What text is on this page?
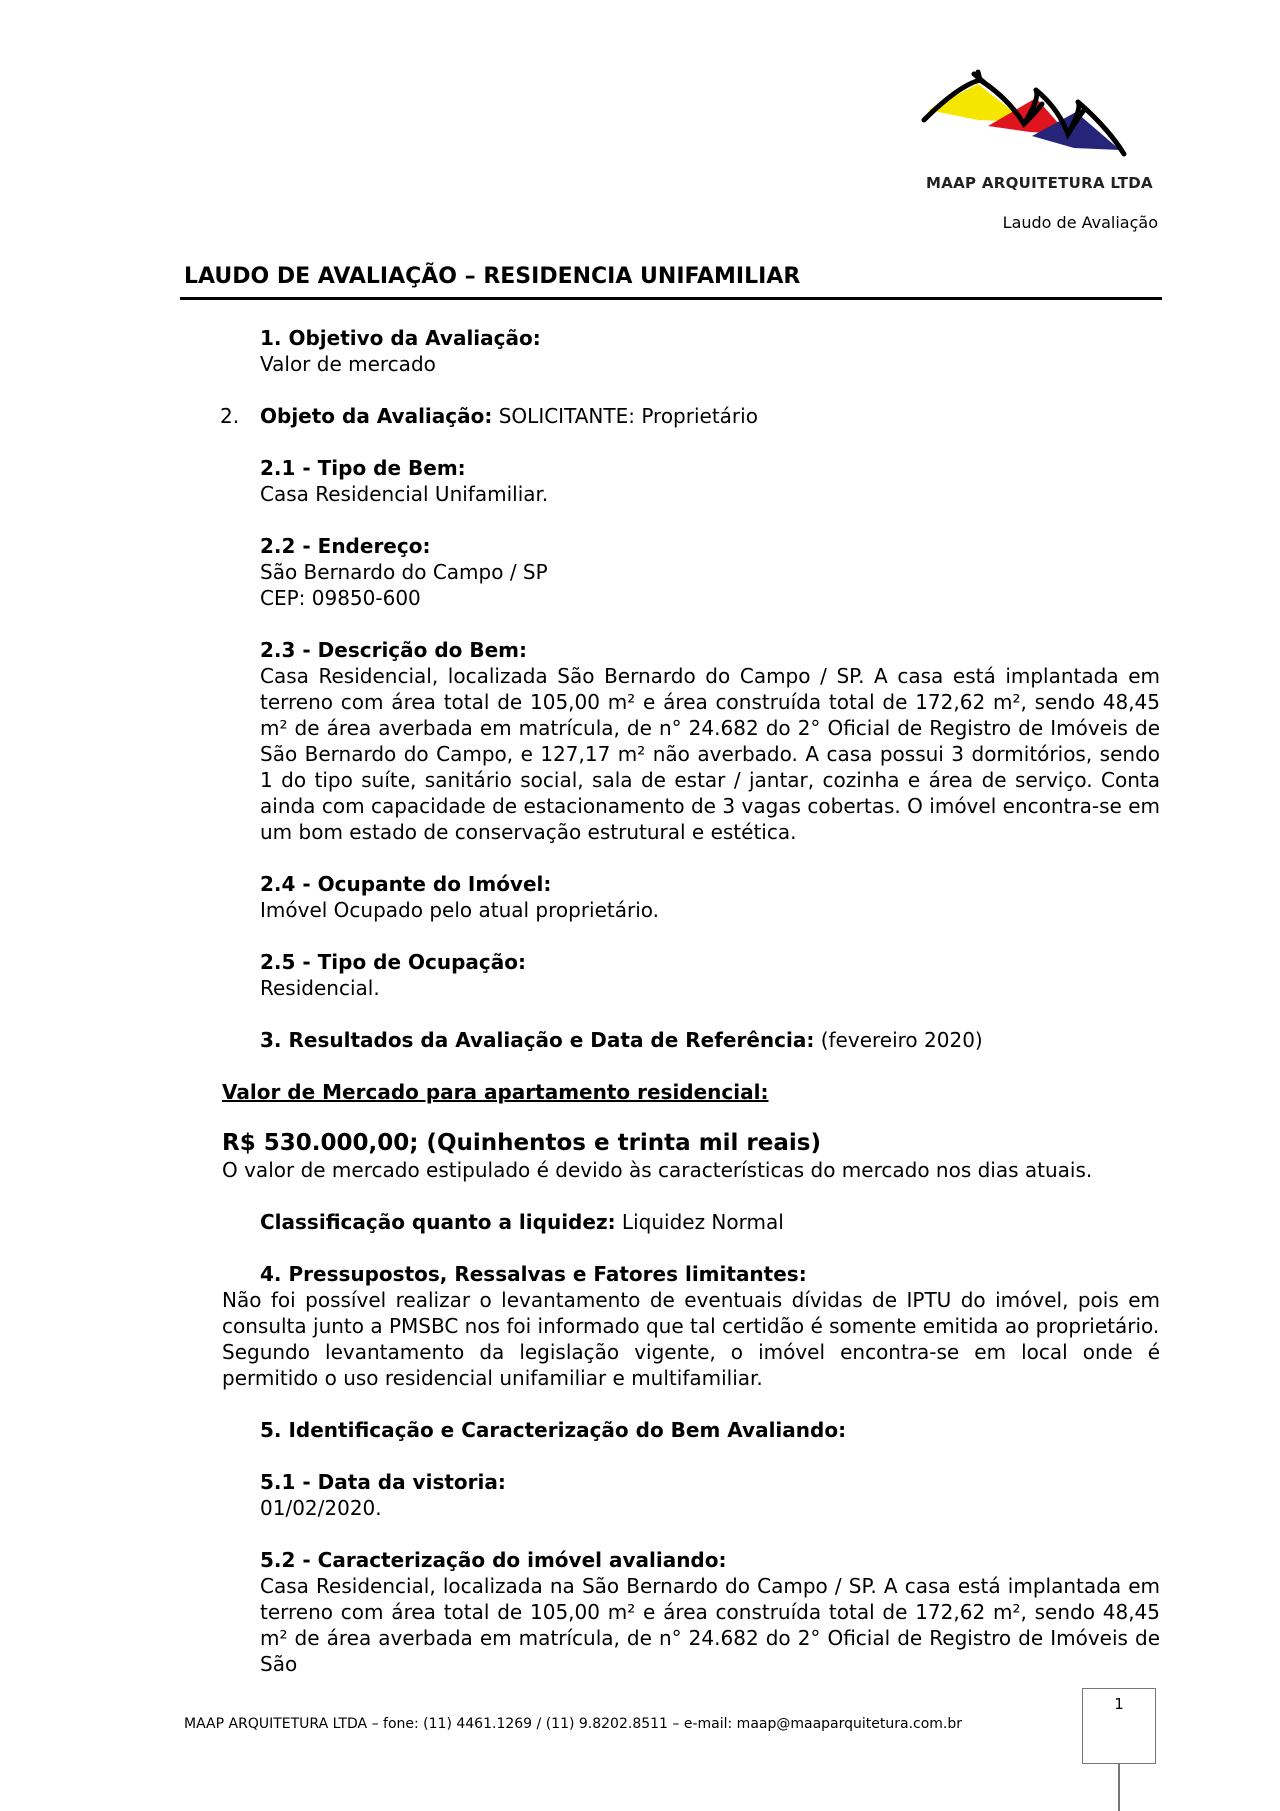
MAAP ARQUITETURA LTDA
Laudo de Avaliação
LAUDO DE AVALIAÇÃO – RESIDENCIA UNIFAMILIAR
1. Objetivo da Avaliação:
Valor de mercado
2. Objeto da Avaliação: SOLICITANTE: Proprietário
2.1 - Tipo de Bem:
Casa Residencial Unifamiliar.
2.2 - Endereço:
São Bernardo do Campo / SP
CEP: 09850-600
2.3 - Descrição do Bem:
Casa Residencial, localizada São Bernardo do Campo / SP. A casa está implantada em terreno com área total de 105,00 m² e área construída total de 172,62 m², sendo 48,45 m² de área averbada em matrícula, de n° 24.682 do 2° Oficial de Registro de Imóveis de São Bernardo do Campo, e 127,17 m² não averbado. A casa possui 3 dormitórios, sendo 1 do tipo suíte, sanitário social, sala de estar / jantar, cozinha e área de serviço. Conta ainda com capacidade de estacionamento de 3 vagas cobertas. O imóvel encontra-se em um bom estado de conservação estrutural e estética.
2.4 - Ocupante do Imóvel:
Imóvel Ocupado pelo atual proprietário.
2.5 - Tipo de Ocupação:
Residencial.
3. Resultados da Avaliação e Data de Referência: (fevereiro 2020)
Valor de Mercado para apartamento residencial:
R$ 530.000,00; (Quinhentos e trinta mil reais)
O valor de mercado estipulado é devido às características do mercado nos dias atuais.
Classificação quanto a liquidez: Liquidez Normal
4. Pressupostos, Ressalvas e Fatores limitantes:
Não foi possível realizar o levantamento de eventuais dívidas de IPTU do imóvel, pois em consulta junto a PMSBC nos foi informado que tal certidão é somente emitida ao proprietário.
Segundo levantamento da legislação vigente, o imóvel encontra-se em local onde é permitido o uso residencial unifamiliar e multifamiliar.
5. Identificação e Caracterização do Bem Avaliando:
5.1 - Data da vistoria:
01/02/2020.
5.2 - Caracterização do imóvel avaliando:
Casa Residencial, localizada na São Bernardo do Campo / SP. A casa está implantada em terreno com área total de 105,00 m² e área construída total de 172,62 m², sendo 48,45 m² de área averbada em matrícula, de n° 24.682 do 2° Oficial de Registro de Imóveis de São
MAAP ARQUITETURA LTDA – fone: (11) 4461.1269 / (11) 9.8202.8511 – e-mail: maap@maaparquitetura.com.br
1
